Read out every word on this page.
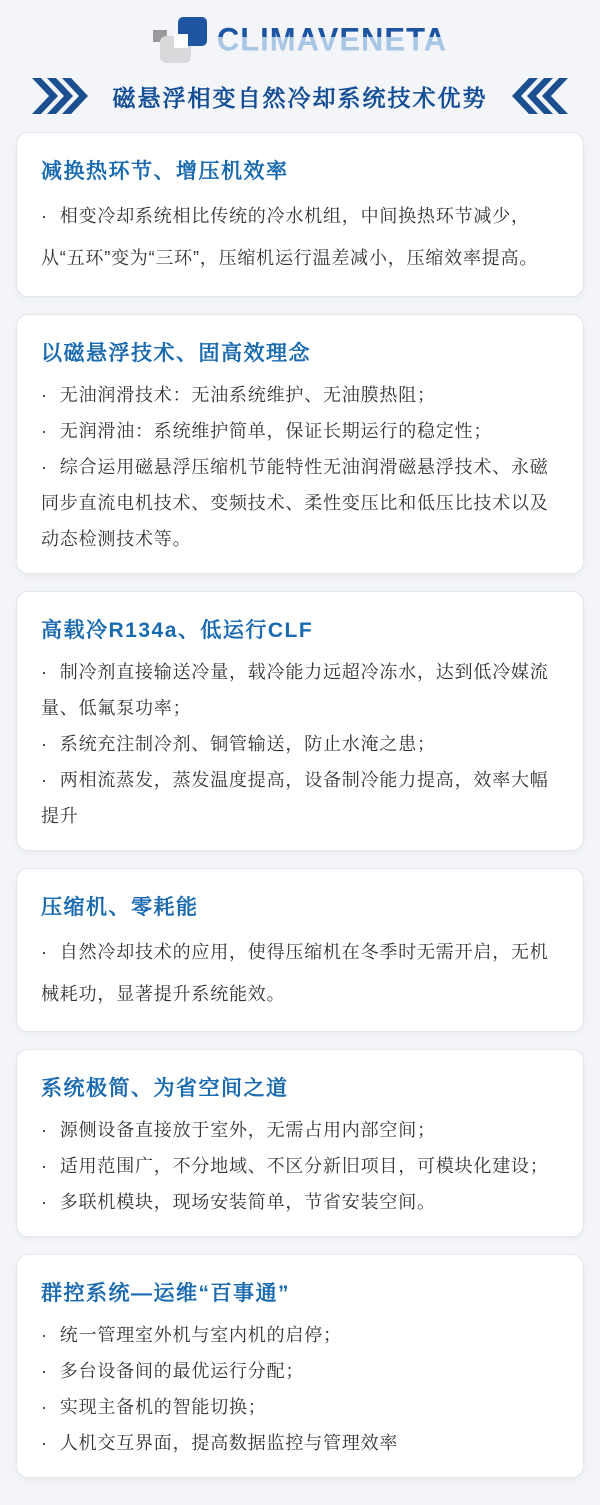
CLIMAVENETA
磁悬浮相变自然冷却系统技术优势
减换热环节、增压机效率

· 相变冷却系统相比传统的冷水机组，中间换热环节减少，从“五环”变为“三环”，压缩机运行温差减小，压缩效率提高。

以磁悬浮技术、固高效理念

· 无油润滑技术：无油系统维护、无油膜热阻；

· 无润滑油：系统维护简单，保证长期运行的稳定性；

· 综合运用磁悬浮压缩机节能特性无油润滑磁悬浮技术、永磁同步直流电机技术、变频技术、柔性变压比和低压比技术以及动态检测技术等。

高载冷R134a、低运行CLF

· 制冷剂直接输送冷量，载冷能力远超冷冻水，达到低冷媒流量、低氟泵功率；

· 系统充注制冷剂、铜管输送，防止水淹之患；

· 两相流蒸发，蒸发温度提高，设备制冷能力提高，效率大幅提升

压缩机、零耗能

· 自然冷却技术的应用，使得压缩机在冬季时无需开启，无机械耗功，显著提升系统能效。

系统极简、为省空间之道

· 源侧设备直接放于室外，无需占用内部空间；

· 适用范围广，不分地域、不区分新旧项目，可模块化建设；

· 多联机模块，现场安装简单，节省安装空间。

群控系统—运维“百事通”

· 统一管理室外机与室内机的启停；

· 多台设备间的最优运行分配；

· 实现主备机的智能切换；

· 人机交互界面，提高数据监控与管理效率
